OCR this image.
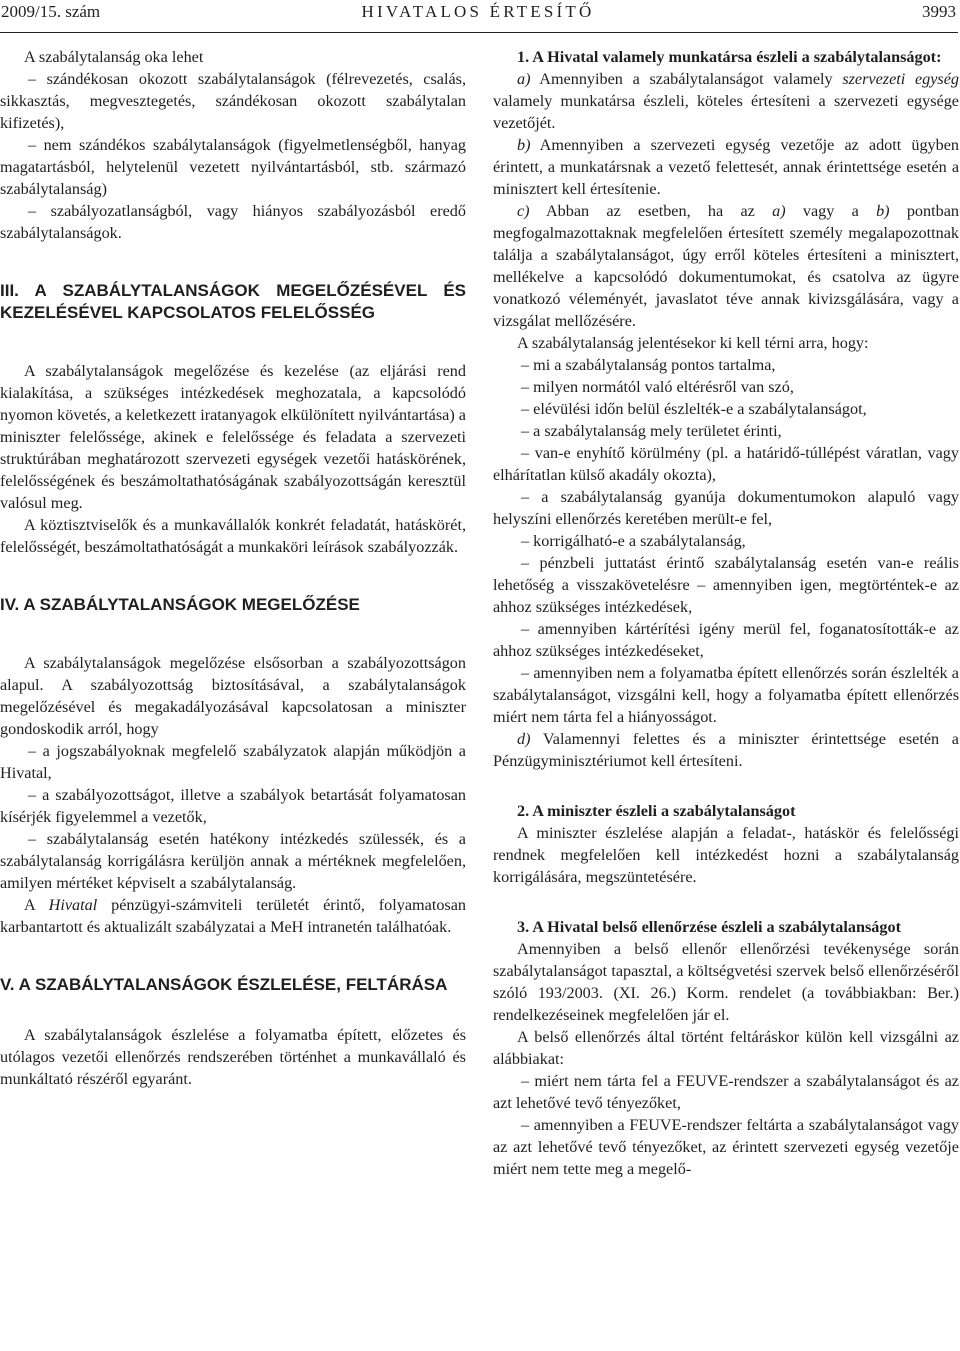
2009/15. szám	HIVATALOS ÉRTESÍTŐ	3993

A szabálytalanság oka lehet

– szándékosan okozott szabálytalanságok (félrevezetés, csalás, sikkasztás, megvesztegetés, szándékosan okozott szabálytalan kifizetés),

– nem szándékos szabálytalanságok (figyelmetlenségből, hanyag magatartásból, helytelenül vezetett nyilvántartásból, stb. származó szabálytalanság)

– szabályozatlanságból, vagy hiányos szabályozásból eredő szabálytalanságok.

III. A SZABÁLYTALANSÁGOK MEGELŐZÉSÉVEL ÉS KEZELÉSÉVEL KAPCSOLATOS FELELŐSSÉG

A szabálytalanságok megelőzése és kezelése (az eljárási rend kialakítása, a szükséges intézkedések meghozatala, a kapcsolódó nyomon követés, a keletkezett iratanyagok elkülönített nyilvántartása) a miniszter felelőssége, akinek e felelőssége és feladata a szervezeti struktúrában meghatározott szervezeti egységek vezetői hatáskörének, felelősségének és beszámoltathatóságának szabályozottságán keresztül valósul meg.

A köztisztviselők és a munkavállalók konkrét feladatát, hatáskörét, felelősségét, beszámoltathatóságát a munkaköri leírások szabályozzák.

IV. A SZABÁLYTALANSÁGOK MEGELŐZÉSE

A szabálytalanságok megelőzése elsősorban a szabályozottságon alapul. A szabályozottság biztosításával, a szabálytalanságok megelőzésével és megakadályozásával kapcsolatosan a miniszter gondoskodik arról, hogy

– a jogszabályoknak megfelelő szabályzatok alapján működjön a Hivatal,

– a szabályozottságot, illetve a szabályok betartását folyamatosan kísérjék figyelemmel a vezetők,

– szabálytalanság esetén hatékony intézkedés szülessék, és a szabálytalanság korrigálásra kerüljön annak a mértéknek megfelelően, amilyen mértéket képviselt a szabálytalanság.

A Hivatal pénzügyi-számviteli területét érintő, folyamatosan karbantartott és aktualizált szabályzatai a MeH intranetén találhatóak.

V. A SZABÁLYTALANSÁGOK ÉSZLELÉSE, FELTÁRÁSA

A szabálytalanságok észlelése a folyamatba épített, előzetes és utólagos vezetői ellenőrzés rendszerében történhet a munkavállaló és munkáltató részéről egyaránt.

1. A Hivatal valamely munkatársa észleli a szabálytalanságot:

a) Amennyiben a szabálytalanságot valamely szervezeti egység valamely munkatársa észleli, köteles értesíteni a szervezeti egysége vezetőjét.

b) Amennyiben a szervezeti egység vezetője az adott ügyben érintett, a munkatársnak a vezető felettesét, annak érintettsége esetén a minisztert kell értesítenie.

c) Abban az esetben, ha az a) vagy a b) pontban megfogalmazottaknak megfelelően értesített személy megalapozottnak találja a szabálytalanságot, úgy erről köteles értesíteni a minisztert, mellékelve a kapcsolódó dokumentumokat, és csatolva az ügyre vonatkozó véleményét, javaslatot téve annak kivizsgálására, vagy a vizsgálat mellőzésére.

A szabálytalanság jelentésekor ki kell térni arra, hogy:

– mi a szabálytalanság pontos tartalma,

– milyen normától való eltérésről van szó,

– elévülési időn belül észlelték-e a szabálytalanságot,

– a szabálytalanság mely területet érinti,

– van-e enyhítő körülmény (pl. a határidő-túllépést váratlan, vagy elhárítatlan külső akadály okozta),

– a szabálytalanság gyanúja dokumentumokon alapuló vagy helyszíni ellenőrzés keretében merült-e fel,

– korrigálható-e a szabálytalanság,

– pénzbeli juttatást érintő szabálytalanság esetén van-e reális lehetőség a visszakövetelésre – amennyiben igen, megtörténtek-e az ahhoz szükséges intézkedések,

– amennyiben kártérítési igény merül fel, foganatosították-e az ahhoz szükséges intézkedéseket,

– amennyiben nem a folyamatba épített ellenőrzés során észlelték a szabálytalanságot, vizsgálni kell, hogy a folyamatba épített ellenőrzés miért nem tárta fel a hiányosságot.

d) Valamennyi felettes és a miniszter érintettsége esetén a Pénzügyminisztériumot kell értesíteni.

2. A miniszter észleli a szabálytalanságot

A miniszter észlelése alapján a feladat-, hatáskör és felelősségi rendnek megfelelően kell intézkedést hozni a szabálytalanság korrigálására, megszüntetésére.

3. A Hivatal belső ellenőrzése észleli a szabálytalanságot

Amennyiben a belső ellenőr ellenőrzési tevékenysége során szabálytalanságot tapasztal, a költségvetési szervek belső ellenőrzéséről szóló 193/2003. (XI. 26.) Korm. rendelet (a továbbiakban: Ber.) rendelkezéseinek megfelelően jár el.

A belső ellenőrzés által történt feltáráskor külön kell vizsgálni az alábbiakat:

– miért nem tárta fel a FEUVE-rendszer a szabálytalanságot és az azt lehetővé tevő tényezőket,

– amennyiben a FEUVE-rendszer feltárta a szabálytalanságot vagy az azt lehetővé tevő tényezőket, az érintett szervezeti egység vezetője miért nem tette meg a megelő-
